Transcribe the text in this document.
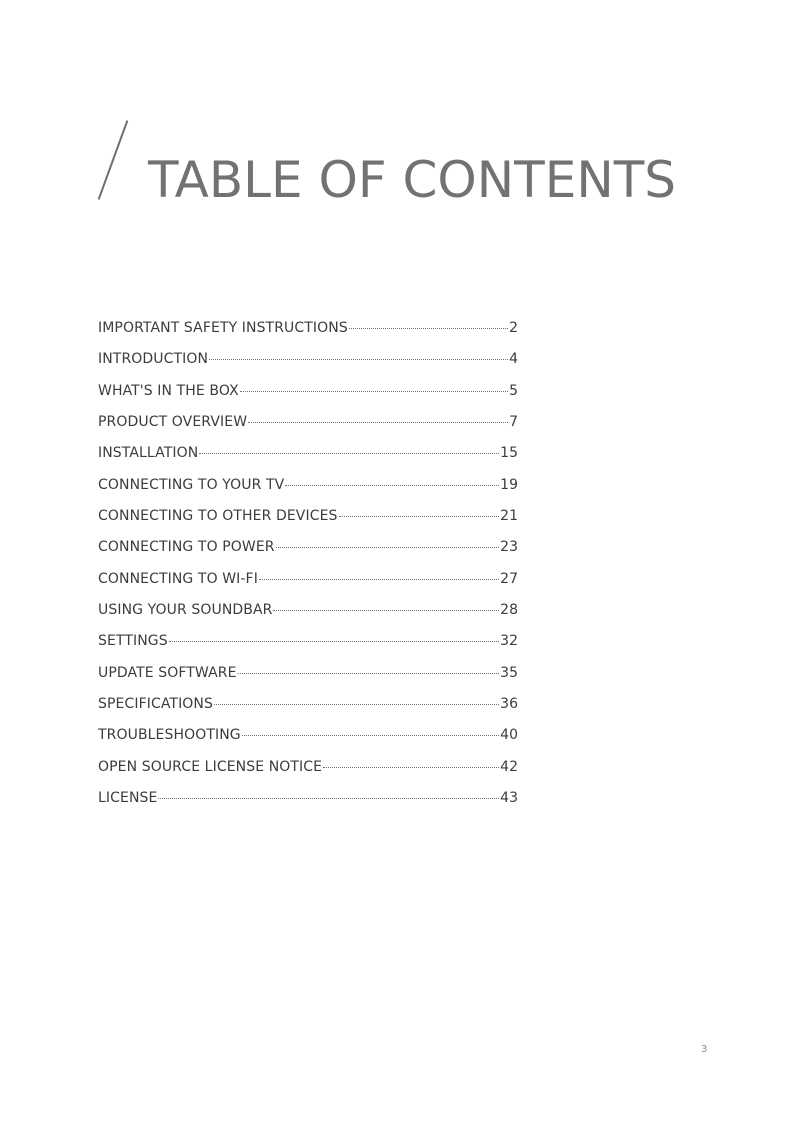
TABLE OF CONTENTS
IMPORTANT SAFETY INSTRUCTIONS	2
INTRODUCTION	4
WHAT'S IN THE BOX	5
PRODUCT OVERVIEW	7
INSTALLATION	15
CONNECTING TO YOUR TV	19
CONNECTING TO OTHER DEVICES	21
CONNECTING TO POWER	23
CONNECTING TO WI-FI	27
USING YOUR SOUNDBAR	28
SETTINGS	32
UPDATE SOFTWARE	35
SPECIFICATIONS	36
TROUBLESHOOTING	40
OPEN SOURCE LICENSE NOTICE	42
LICENSE	43
3
